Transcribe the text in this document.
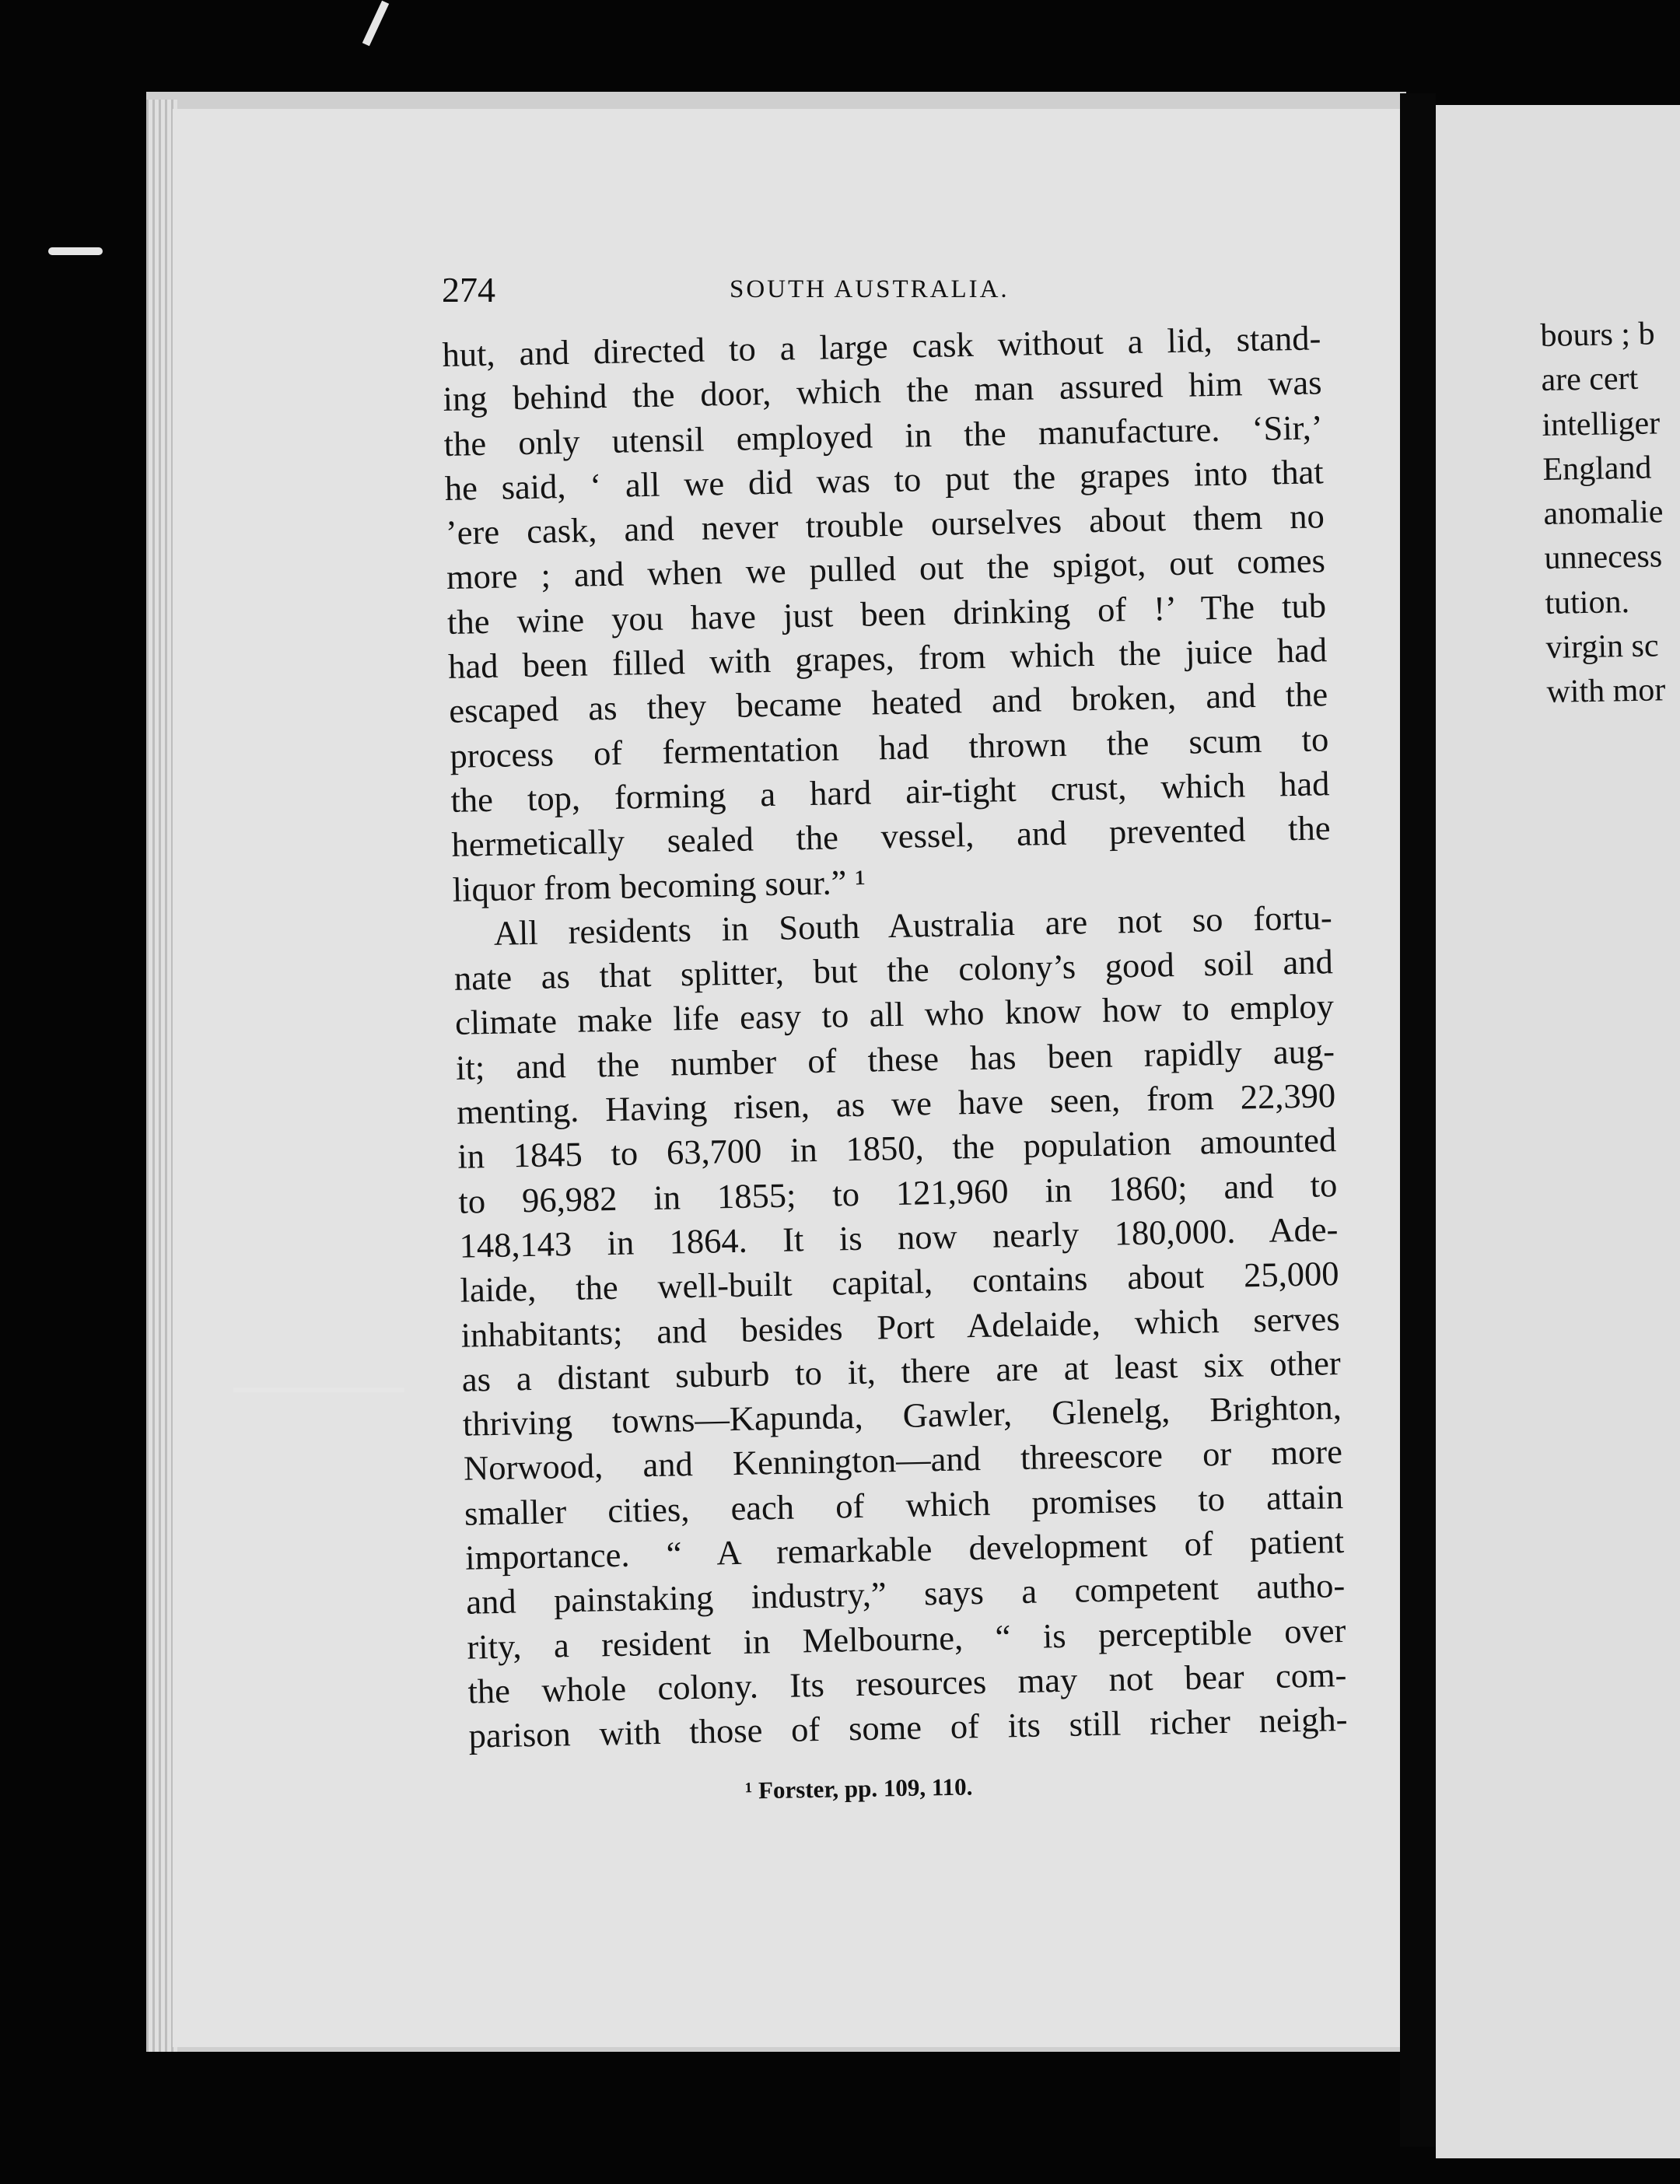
274	SOUTH AUSTRALIA.
hut, and directed to a large cask without a lid, stand-
ing behind the door, which the man assured him was
the only utensil employed in the manufacture. ‘Sir,’
he said, ‘ all we did was to put the grapes into that
’ere cask, and never trouble ourselves about them no
more ; and when we pulled out the spigot, out comes
the wine you have just been drinking of !’ The tub
had been filled with grapes, from which the juice had
escaped as they became heated and broken, and the
process of fermentation had thrown the scum to
the top, forming a hard air-tight crust, which had
hermetically sealed the vessel, and prevented the
liquor from becoming sour.” ¹
All residents in South Australia are not so fortu-
nate as that splitter, but the colony’s good soil and
climate make life easy to all who know how to employ
it; and the number of these has been rapidly aug-
menting. Having risen, as we have seen, from 22,390
in 1845 to 63,700 in 1850, the population amounted
to 96,982 in 1855; to 121,960 in 1860; and to
148,143 in 1864. It is now nearly 180,000. Ade-
laide, the well-built capital, contains about 25,000
inhabitants; and besides Port Adelaide, which serves
as a distant suburb to it, there are at least six other
thriving towns—Kapunda, Gawler, Glenelg, Brighton,
Norwood, and Kennington—and threescore or more
smaller cities, each of which promises to attain
importance. “ A remarkable development of patient
and painstaking industry,” says a competent autho-
rity, a resident in Melbourne, “ is perceptible over
the whole colony. Its resources may not bear com-
parison with those of some of its still richer neigh-
¹ Forster, pp. 109, 110.
bours ; b
are cert
intelliger
England
anomalie
unnecess
tution.
virgin sc
with mor
